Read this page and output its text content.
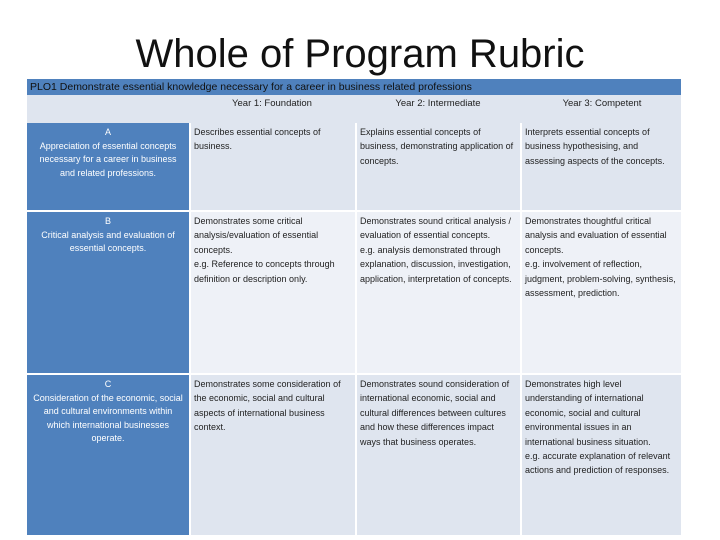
Whole of Program Rubric
PLO1 Demonstrate essential knowledge necessary for a career in business related professions
Year 1: Foundation	Year 2: Intermediate	Year 3: Competent
A
Appreciation of essential concepts necessary for a career in business and related professions.
Describes essential concepts of business.
Explains essential concepts of business, demonstrating application of concepts.
Interprets essential concepts of business hypothesising, and assessing aspects of the concepts.
B
Critical analysis and evaluation of essential concepts.
Demonstrates some critical analysis/evaluation of essential concepts.
e.g. Reference to concepts through definition or description only.
Demonstrates sound critical analysis / evaluation of essential concepts.
e.g. analysis demonstrated through explanation, discussion, investigation, application, interpretation of concepts.
Demonstrates thoughtful critical analysis and evaluation of essential concepts.
e.g. involvement of reflection, judgment, problem-solving, synthesis, assessment, prediction.
C
Consideration of the economic, social and cultural environments within which international businesses operate.
Demonstrates some consideration of the economic, social and cultural aspects of international business context.
Demonstrates sound consideration of international economic, social and cultural differences between cultures and how these differences impact ways that business operates.
Demonstrates high level understanding of international economic, social and cultural environmental issues in an international business situation.
e.g. accurate explanation of relevant actions and prediction of responses.
